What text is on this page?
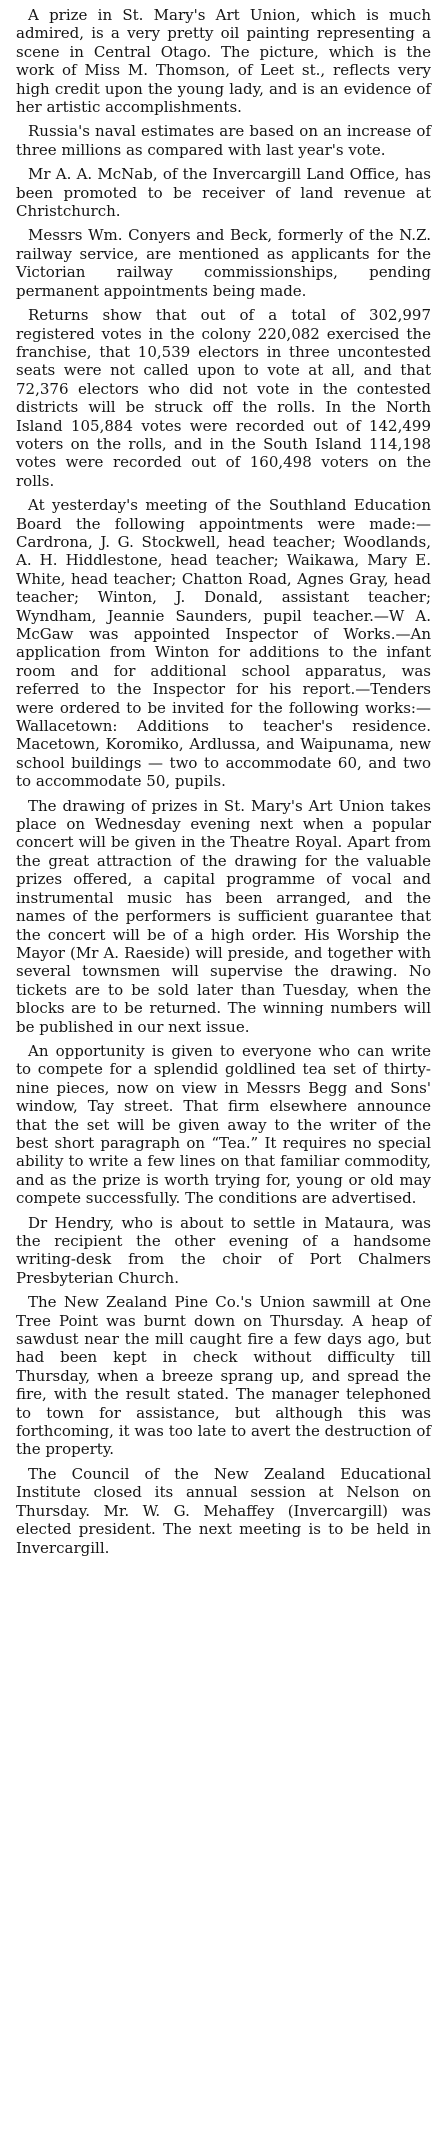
A prize in St. Mary's Art Union, which is much admired, is a very pretty oil painting representing a scene in Central Otago. The picture, which is the work of Miss M. Thomson, of Leet st., reflects very high credit upon the young lady, and is an evidence of her artistic accomplishments.

Russia's naval estimates are based on an increase of three millions as compared with last year's vote.

Mr A. A. McNab, of the Invercargill Land Office, has been promoted to be receiver of land revenue at Christchurch.

Messrs Wm. Conyers and Beck, formerly of the N.Z. railway service, are mentioned as applicants for the Victorian railway commissionships, pending permanent appointments being made.

Returns show that out of a total of 302,997 registered votes in the colony 220,082 exercised the franchise, that 10,539 electors in three uncontested seats were not called upon to vote at all, and that 72,376 electors who did not vote in the contested districts will be struck off the rolls. In the North Island 105,884 votes were recorded out of 142,499 voters on the rolls, and in the South Island 114,198 votes were recorded out of 160,498 voters on the rolls.

At yesterday's meeting of the Southland Education Board the following appointments were made:—Cardrona, J. G. Stockwell, head teacher; Woodlands, A. H. Hiddlestone, head teacher; Waikawa, Mary E. White, head teacher; Chatton Road, Agnes Gray, head teacher; Winton, J. Donald, assistant teacher; Wyndham, Jeannie Saunders, pupil teacher.—W A. McGaw was appointed Inspector of Works.—An application from Winton for additions to the infant room and for additional school apparatus, was referred to the Inspector for his report.—Tenders were ordered to be invited for the following works:—Wallacetown: Additions to teacher's residence. Macetown, Koromiko, Ardlussa, and Waipunama, new school buildings — two to accommodate 60, and two to accommodate 50, pupils.

The drawing of prizes in St. Mary's Art Union takes place on Wednesday evening next when a popular concert will be given in the Theatre Royal. Apart from the great attraction of the drawing for the valuable prizes offered, a capital programme of vocal and instrumental music has been arranged, and the names of the performers is sufficient guarantee that the concert will be of a high order. His Worship the Mayor (Mr A. Raeside) will preside, and together with several townsmen will supervise the drawing. No tickets are to be sold later than Tuesday, when the blocks are to be returned. The winning numbers will be published in our next issue.

An opportunity is given to everyone who can write to compete for a splendid goldlined tea set of thirty-nine pieces, now on view in Messrs Begg and Sons' window, Tay street. That firm elsewhere announce that the set will be given away to the writer of the best short paragraph on “Tea.” It requires no special ability to write a few lines on that familiar commodity, and as the prize is worth trying for, young or old may compete successfully. The conditions are advertised.

Dr Hendry, who is about to settle in Mataura, was the recipient the other evening of a handsome writing-desk from the choir of Port Chalmers Presbyterian Church.

The New Zealand Pine Co.'s Union sawmill at One Tree Point was burnt down on Thursday. A heap of sawdust near the mill caught fire a few days ago, but had been kept in check without difficulty till Thursday, when a breeze sprang up, and spread the fire, with the result stated. The manager telephoned to town for assistance, but although this was forthcoming, it was too late to avert the destruction of the property.

The Council of the New Zealand Educational Institute closed its annual session at Nelson on Thursday. Mr. W. G. Mehaffey (Invercargill) was elected president. The next meeting is to be held in Invercargill.
